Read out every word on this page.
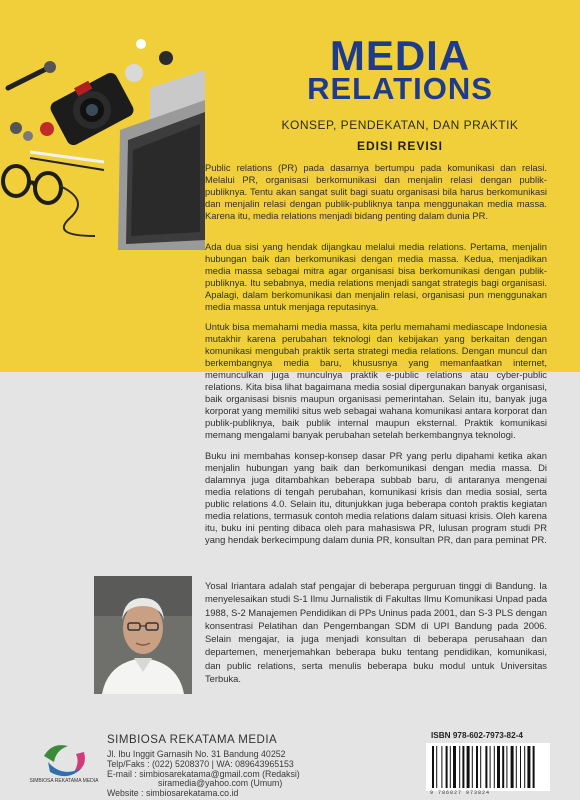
MEDIA
RELATIONS
KONSEP, PENDEKATAN, DAN PRAKTIK
EDISI REVISI

Public relations (PR) pada dasarnya bertumpu pada komunikasi dan relasi. Melalui PR, organisasi berkomunikasi dan menjalin relasi dengan publik-publiknya. Tentu akan sangat sulit bagi suatu organisasi bila harus berkomunikasi dan menjalin relasi dengan publik-publiknya tanpa menggunakan media massa. Karena itu, media relations menjadi bidang penting dalam dunia PR.

Ada dua sisi yang hendak dijangkau melalui media relations. Pertama, menjalin hubungan baik dan berkomunikasi dengan media massa. Kedua, menjadikan media massa sebagai mitra agar organisasi bisa berkomunikasi dengan publik-publiknya. Itu sebabnya, media relations menjadi sangat strategis bagi organisasi. Apalagi, dalam berkomunikasi dan menjalin relasi, organisasi pun menggunakan media massa untuk menjaga reputasinya.

Untuk bisa memahami media massa, kita perlu memahami mediascape Indonesia mutakhir karena perubahan teknologi dan kebijakan yang berkaitan dengan komunikasi mengubah praktik serta strategi media relations. Dengan muncul dan berkembangnya media baru, khususnya yang memanfaatkan internet, memunculkan juga munculnya praktik e-public relations atau cyber-public relations. Kita bisa lihat bagaimana media sosial dipergunakan banyak organisasi, baik organisasi bisnis maupun organisasi pemerintahan. Selain itu, banyak juga korporat yang memiliki situs web sebagai wahana komunikasi antara korporat dan publik-publiknya, baik publik internal maupun eksternal. Praktik komunikasi memang mengalami banyak perubahan setelah berkembangnya teknologi.

Buku ini membahas konsep-konsep dasar PR yang perlu dipahami ketika akan menjalin hubungan yang baik dan berkomunikasi dengan media massa. Di dalamnya juga ditambahkan beberapa subbab baru, di antaranya mengenai media relations di tengah perubahan, komunikasi krisis dan media sosial, serta public relations 4.0. Selain itu, ditunjukkan juga beberapa contoh praktis kegiatan media relations, termasuk contoh media relations dalam situasi krisis. Oleh karena itu, buku ini penting dibaca oleh para mahasiswa PR, lulusan program studi PR yang hendak berkecimpung dalam dunia PR, konsultan PR, dan para peminat PR.

Yosal Iriantara adalah staf pengajar di beberapa perguruan tinggi di Bandung. Ia menyelesaikan studi S-1 Ilmu Jurnalistik di Fakultas Ilmu Komunikasi Unpad pada 1988, S-2 Manajemen Pendidikan di PPs Uninus pada 2001, dan S-3 PLS dengan konsentrasi Pelatihan dan Pengembangan SDM di UPI Bandung pada 2006. Selain mengajar, ia juga menjadi konsultan di beberapa perusahaan dan departemen, menerjemahkan beberapa buku tentang pendidikan, komunikasi, dan public relations, serta menulis beberapa buku modul untuk Universitas Terbuka.

SIMBIOSA REKATAMA MEDIA
SIMBIOSA REKATAMA MEDIA
Jl. Ibu Inggit Garnasih No. 31 Bandung 40252
Telp/Faks : (022) 5208370 | WA: 089643965153
E-mail : simbiosarekatama@gmail.com (Redaksi)
siramedia@yahoo.com (Umum)
Website : simbiosarekatama.co.id
ISBN 978-602-7973-82-4
9 786027 973824
